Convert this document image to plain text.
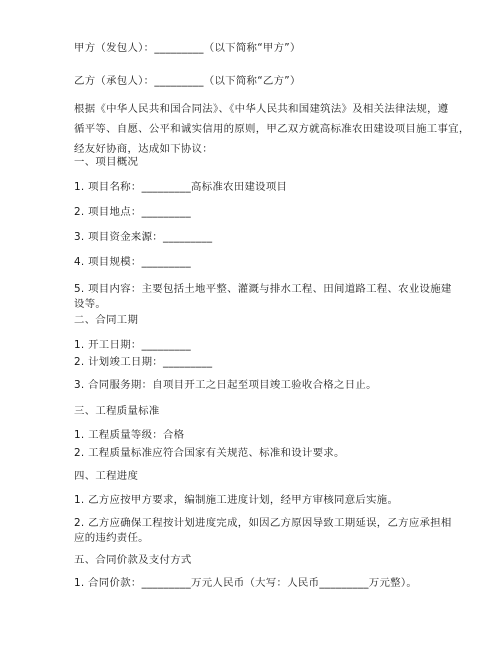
甲方（发包人）：_________（以下简称“甲方”）
乙方（承包人）：_________（以下简称“乙方”）
根据《中华人民共和国合同法》、《中华人民共和国建筑法》及相关法律法规，遵
循平等、自愿、公平和诚实信用的原则，甲乙双方就高标准农田建设项目施工事宜，
经友好协商，达成如下协议：
一、项目概况
1. 项目名称：_________高标准农田建设项目
2. 项目地点：_________
3. 项目资金来源：_________
4. 项目规模：_________
5. 项目内容：主要包括土地平整、灌溉与排水工程、田间道路工程、农业设施建
设等。
二、合同工期
1. 开工日期：_________
2. 计划竣工日期：_________
3. 合同服务期：自项目开工之日起至项目竣工验收合格之日止。
三、工程质量标准
1. 工程质量等级：合格
2. 工程质量标准应符合国家有关规范、标准和设计要求。
四、工程进度
1. 乙方应按甲方要求，编制施工进度计划，经甲方审核同意后实施。
2. 乙方应确保工程按计划进度完成，如因乙方原因导致工期延误，乙方应承担相
应的违约责任。
五、合同价款及支付方式
1. 合同价款：_________万元人民币（大写：人民币_________万元整）。
